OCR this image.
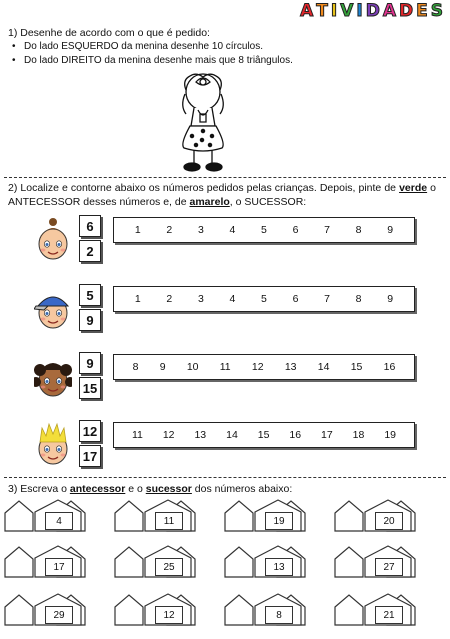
A T I V I D A D E S
1) Desenhe de acordo com o que é pedido:
• Do lado ESQUERDO da menina desenhe 10 círculos.
• Do lado DIREITO da menina desenhe mais que 8 triângulos.
2) Localize e contorne abaixo os números pedidos pelas crianças. Depois, pinte de verde o ANTECESSOR desses números e, de amarelo, o SUCESSOR:
6
2
1 2 3 4 5 6 7 8 9
5
9
1 2 3 4 5 6 7 8 9
9
15
8 9 10 11 12 13 14 15 16
12
17
11 12 13 14 15 16 17 18 19
3) Escreva o antecessor e o sucessor dos números abaixo:
4	11	19	20
17	25	13	27
29	12	8	21
